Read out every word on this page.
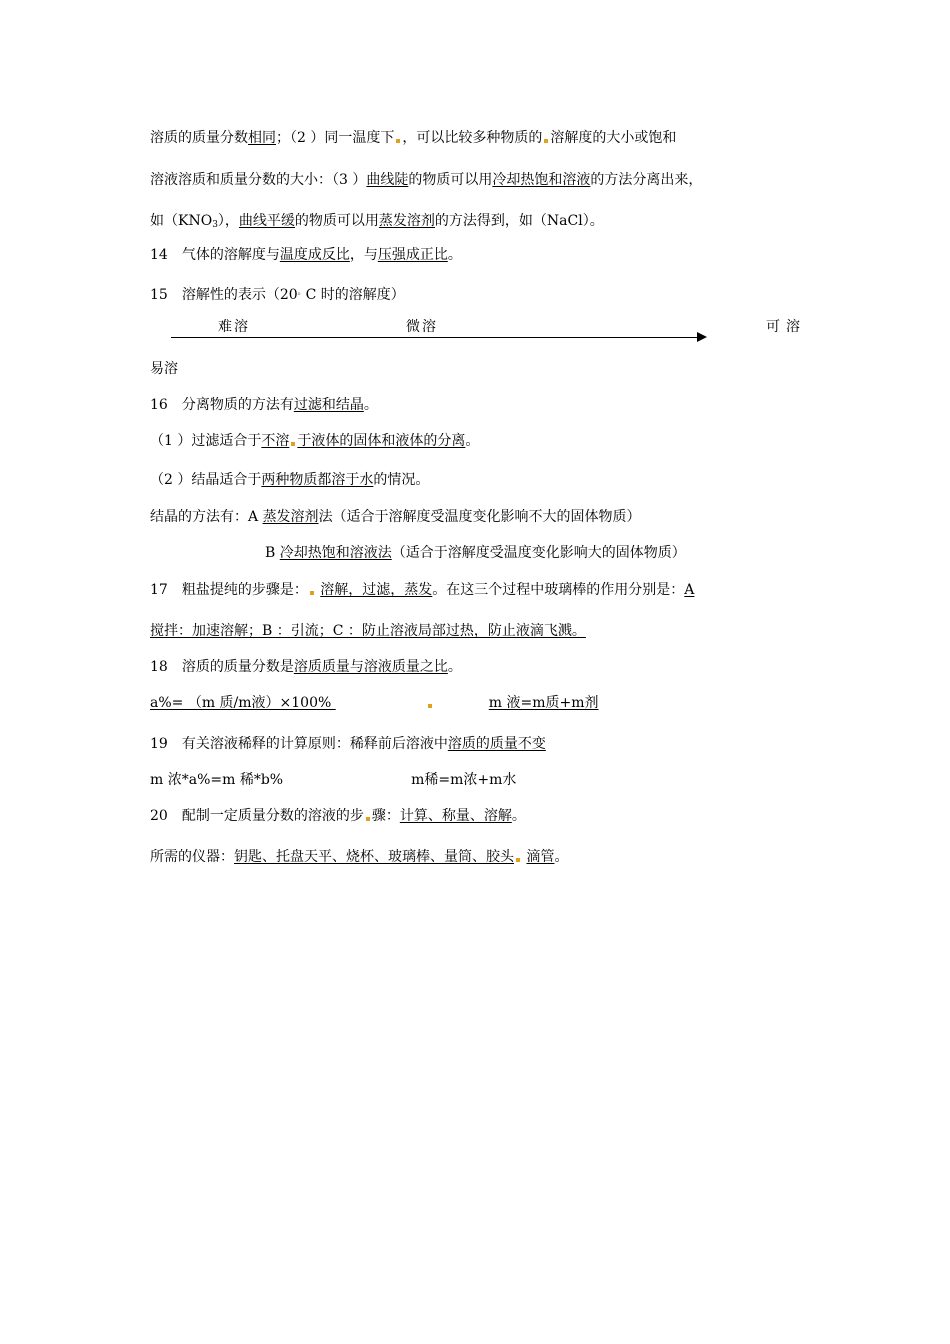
溶质的质量分数相同；（2 ）同一温度下 ，可以比较多种物质的 溶解度的大小或饱和
溶液溶质和质量分数的大小：（3 ）曲线陡的物质可以用冷却热饱和溶液的方法分离出来，
如$(KNO_3)$，曲线平缓的物质可以用蒸发溶剂的方法得到，如（NaCl）。
14　气体的溶解度与温度成反比，与压强成正比。
15　溶解性的表示（20。C 时的溶解度）
难溶	微溶	可溶
易溶
16　分离物质的方法有过滤和结晶。
（1 ）过滤适合于不溶 于液体的固体和液体的分离。
（2 ）结晶适合于两种物质都溶于水的情况。
结晶的方法有：A 蒸发溶剂法（适合于溶解度受温度变化影响不大的固体物质）
B 冷却热饱和溶液法（适合于溶解度受温度变化影响大的固体物质）
17　粗盐提纯的步骤是： 溶解，过滤，蒸发。在这三个过程中玻璃棒的作用分别是：A
搅拌：加速溶解；B ：引流；C ：防止溶液局部过热，防止液滴飞溅。
18　溶质的质量分数是溶质质量与溶液质量之比。
a%= （m 质/m液）×100%	m 液=m质+m剂
19　有关溶液稀释的计算原则：稀释前后溶液中溶质的质量不变
m 浓*a%=m 稀*b%	m稀=m浓+m水
20　配制一定质量分数的溶液的步 骤：计算、称量、溶解。
所需的仪器：钥匙、托盘天平、烧杯、玻璃棒、量筒、胶头 滴管。
